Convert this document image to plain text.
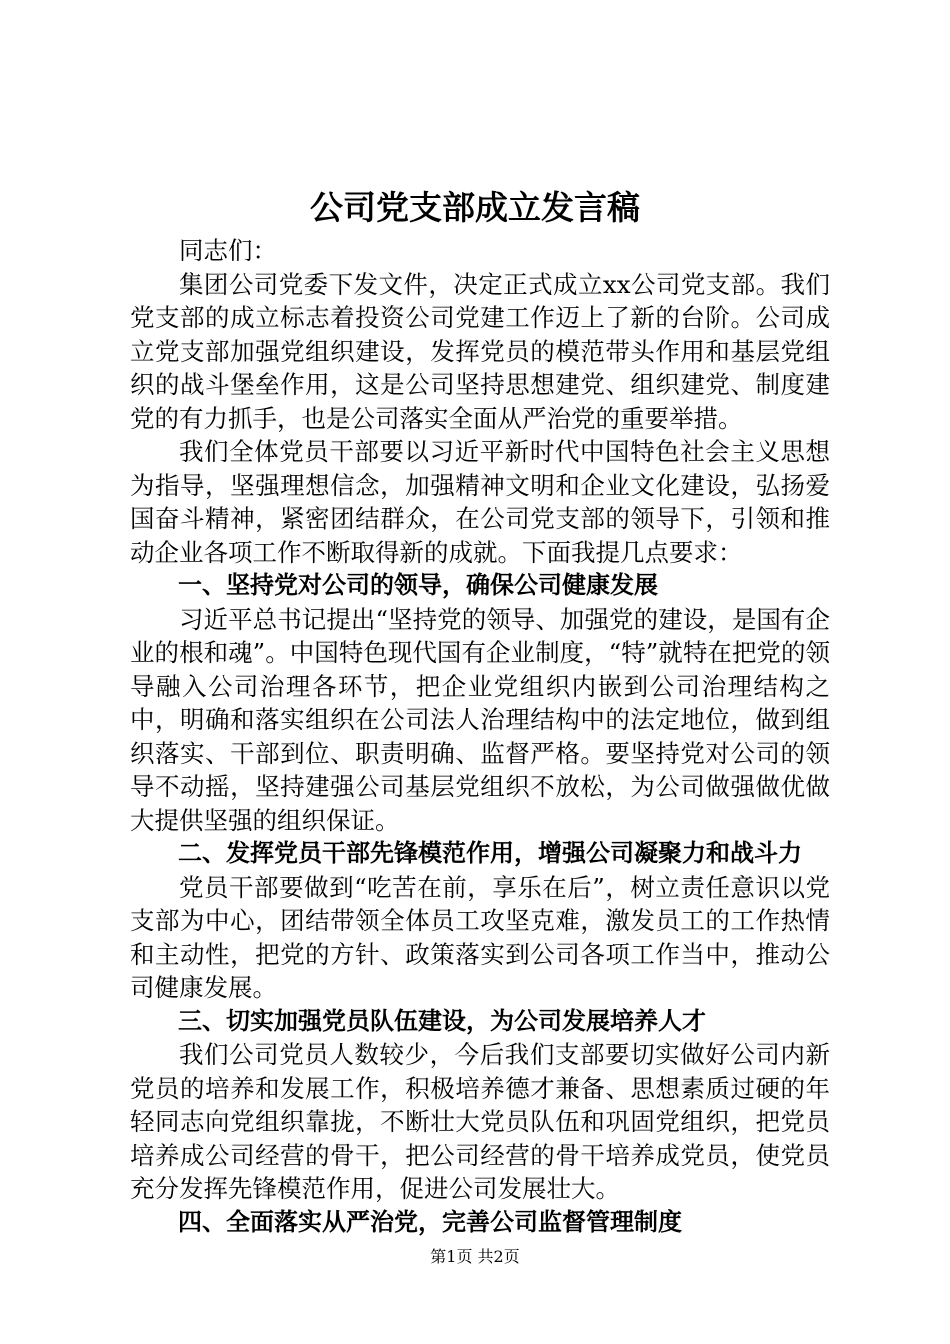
公司党支部成立发言稿

同志们：

集团公司党委下发文件，决定正式成立xx公司党支部。我们党支部的成立标志着投资公司党建工作迈上了新的台阶。公司成立党支部加强党组织建设，发挥党员的模范带头作用和基层党组织的战斗堡垒作用，这是公司坚持思想建党、组织建党、制度建党的有力抓手，也是公司落实全面从严治党的重要举措。

我们全体党员干部要以习近平新时代中国特色社会主义思想为指导，坚强理想信念，加强精神文明和企业文化建设，弘扬爱国奋斗精神，紧密团结群众，在公司党支部的领导下，引领和推动企业各项工作不断取得新的成就。下面我提几点要求：

一、坚持党对公司的领导，确保公司健康发展

习近平总书记提出“坚持党的领导、加强党的建设，是国有企业的根和魂”。中国特色现代国有企业制度，“特”就特在把党的领导融入公司治理各环节，把企业党组织内嵌到公司治理结构之中，明确和落实组织在公司法人治理结构中的法定地位，做到组织落实、干部到位、职责明确、监督严格。要坚持党对公司的领导不动摇，坚持建强公司基层党组织不放松，为公司做强做优做大提供坚强的组织保证。

二、发挥党员干部先锋模范作用，增强公司凝聚力和战斗力

党员干部要做到“吃苦在前，享乐在后”，树立责任意识以党支部为中心，团结带领全体员工攻坚克难，激发员工的工作热情和主动性，把党的方针、政策落实到公司各项工作当中，推动公司健康发展。

三、切实加强党员队伍建设，为公司发展培养人才

我们公司党员人数较少，今后我们支部要切实做好公司内新党员的培养和发展工作，积极培养德才兼备、思想素质过硬的年轻同志向党组织靠拢，不断壮大党员队伍和巩固党组织，把党员培养成公司经营的骨干，把公司经营的骨干培养成党员，使党员充分发挥先锋模范作用，促进公司发展壮大。

四、全面落实从严治党，完善公司监督管理制度

第1页 共2页
